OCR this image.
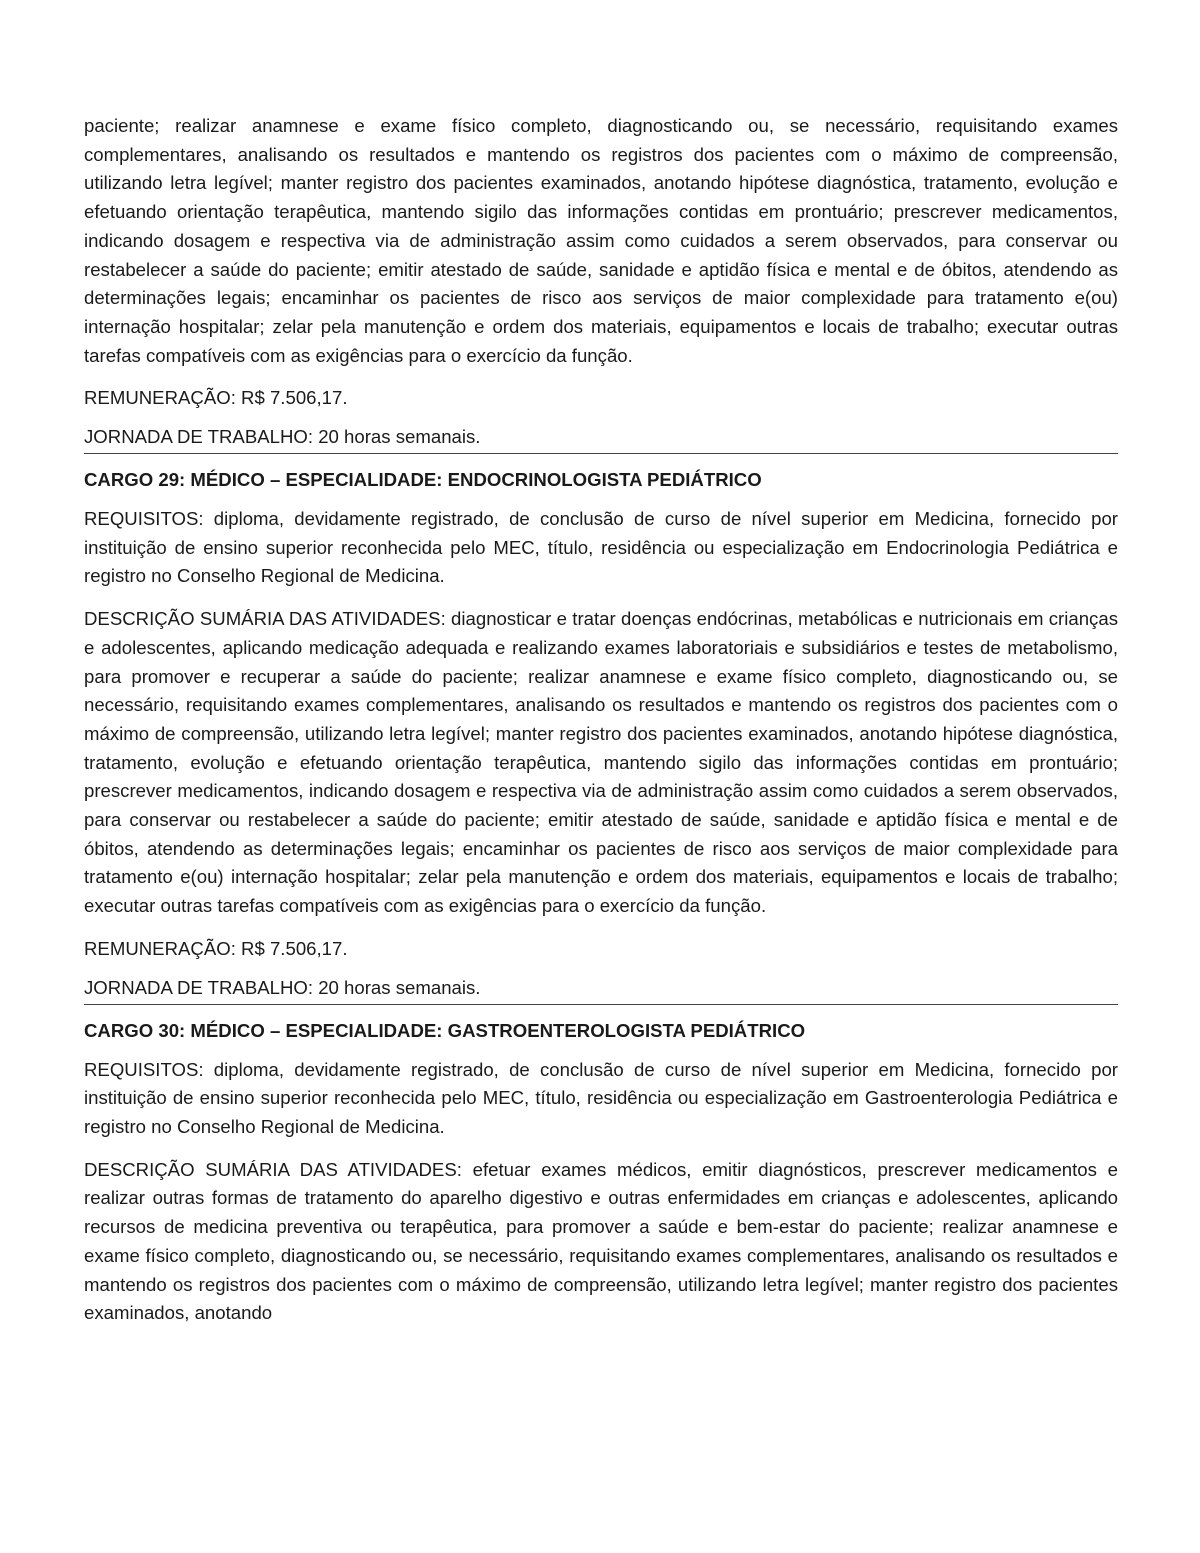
paciente; realizar anamnese e exame físico completo, diagnosticando ou, se necessário, requisitando exames complementares, analisando os resultados e mantendo os registros dos pacientes com o máximo de compreensão, utilizando letra legível; manter registro dos pacientes examinados, anotando hipótese diagnóstica, tratamento, evolução e efetuando orientação terapêutica, mantendo sigilo das informações contidas em prontuário; prescrever medicamentos, indicando dosagem e respectiva via de administração assim como cuidados a serem observados, para conservar ou restabelecer a saúde do paciente; emitir atestado de saúde, sanidade e aptidão física e mental e de óbitos, atendendo as determinações legais; encaminhar os pacientes de risco aos serviços de maior complexidade para tratamento e(ou) internação hospitalar; zelar pela manutenção e ordem dos materiais, equipamentos e locais de trabalho; executar outras tarefas compatíveis com as exigências para o exercício da função.

REMUNERAÇÃO: R$ 7.506,17.

JORNADA DE TRABALHO: 20 horas semanais.

CARGO 29: MÉDICO – ESPECIALIDADE: ENDOCRINOLOGISTA PEDIÁTRICO

REQUISITOS: diploma, devidamente registrado, de conclusão de curso de nível superior em Medicina, fornecido por instituição de ensino superior reconhecida pelo MEC, título, residência ou especialização em Endocrinologia Pediátrica e registro no Conselho Regional de Medicina.

DESCRIÇÃO SUMÁRIA DAS ATIVIDADES: diagnosticar e tratar doenças endócrinas, metabólicas e nutricionais em crianças e adolescentes, aplicando medicação adequada e realizando exames laboratoriais e subsidiários e testes de metabolismo, para promover e recuperar a saúde do paciente; realizar anamnese e exame físico completo, diagnosticando ou, se necessário, requisitando exames complementares, analisando os resultados e mantendo os registros dos pacientes com o máximo de compreensão, utilizando letra legível; manter registro dos pacientes examinados, anotando hipótese diagnóstica, tratamento, evolução e efetuando orientação terapêutica, mantendo sigilo das informações contidas em prontuário; prescrever medicamentos, indicando dosagem e respectiva via de administração assim como cuidados a serem observados, para conservar ou restabelecer a saúde do paciente; emitir atestado de saúde, sanidade e aptidão física e mental e de óbitos, atendendo as determinações legais; encaminhar os pacientes de risco aos serviços de maior complexidade para tratamento e(ou) internação hospitalar; zelar pela manutenção e ordem dos materiais, equipamentos e locais de trabalho; executar outras tarefas compatíveis com as exigências para o exercício da função.

REMUNERAÇÃO: R$ 7.506,17.

JORNADA DE TRABALHO: 20 horas semanais.

CARGO 30: MÉDICO – ESPECIALIDADE: GASTROENTEROLOGISTA PEDIÁTRICO

REQUISITOS: diploma, devidamente registrado, de conclusão de curso de nível superior em Medicina, fornecido por instituição de ensino superior reconhecida pelo MEC, título, residência ou especialização em Gastroenterologia Pediátrica e registro no Conselho Regional de Medicina.

DESCRIÇÃO SUMÁRIA DAS ATIVIDADES: efetuar exames médicos, emitir diagnósticos, prescrever medicamentos e realizar outras formas de tratamento do aparelho digestivo e outras enfermidades em crianças e adolescentes, aplicando recursos de medicina preventiva ou terapêutica, para promover a saúde e bem-estar do paciente; realizar anamnese e exame físico completo, diagnosticando ou, se necessário, requisitando exames complementares, analisando os resultados e mantendo os registros dos pacientes com o máximo de compreensão, utilizando letra legível; manter registro dos pacientes examinados, anotando
